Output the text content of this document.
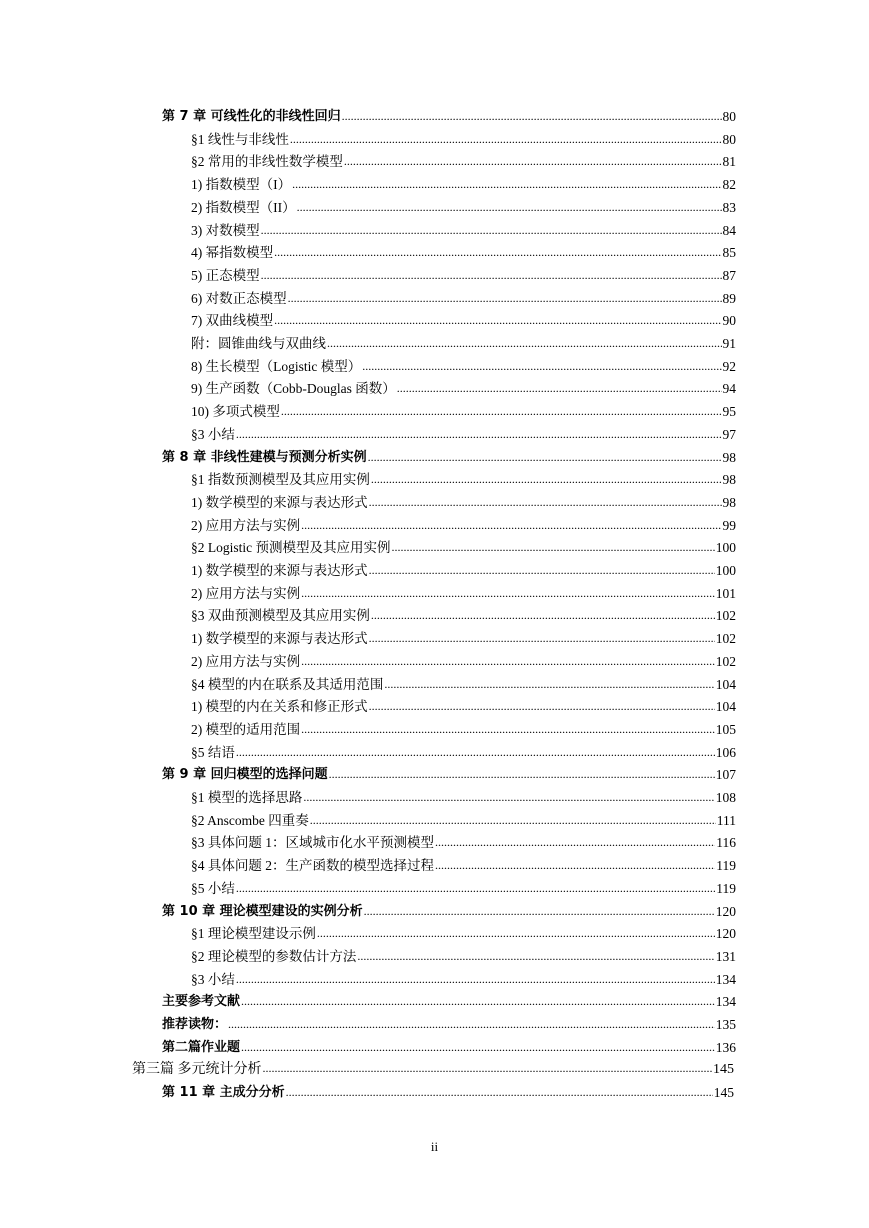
第 7 章 可线性化的非线性回归 .....	80
§1 线性与非线性 .....	80
§2 常用的非线性数学模型 .....	81
1) 指数模型（I） .....	82
2) 指数模型（II） .....	83
3) 对数模型 .....	84
4) 幂指数模型 .....	85
5) 正态模型 .....	87
6) 对数正态模型 .....	89
7) 双曲线模型 .....	90
附：圆锥曲线与双曲线 .....	91
8) 生长模型（Logistic 模型） .....	92
9) 生产函数（Cobb-Douglas 函数） .....	94
10) 多项式模型 .....	95
§3 小结 .....	97
第 8 章 非线性建模与预测分析实例 .....	98
§1 指数预测模型及其应用实例 .....	98
1) 数学模型的来源与表达形式 .....	98
2) 应用方法与实例 .....	99
§2 Logistic 预测模型及其应用实例 .....	100
1) 数学模型的来源与表达形式 .....	100
2) 应用方法与实例 .....	101
§3 双曲预测模型及其应用实例 .....	102
1) 数学模型的来源与表达形式 .....	102
2) 应用方法与实例 .....	102
§4 模型的内在联系及其适用范围 .....	104
1) 模型的内在关系和修正形式 .....	104
2) 模型的适用范围 .....	105
§5 结语 .....	106
第 9 章 回归模型的选择问题 .....	107
§1 模型的选择思路 .....	108
§2 Anscombe 四重奏 .....	111
§3 具体问题 1：区域城市化水平预测模型 .....	116
§4 具体问题 2：生产函数的模型选择过程 .....	119
§5 小结 .....	119
第 10 章 理论模型建设的实例分析 .....	120
§1 理论模型建设示例 .....	120
§2 理论模型的参数估计方法 .....	131
§3 小结 .....	134
主要参考文献 .....	134
推荐读物： .....	135
第二篇作业题 .....	136
第三篇 多元统计分析 .....	145
第 11 章 主成分分析 .....	145
ii
